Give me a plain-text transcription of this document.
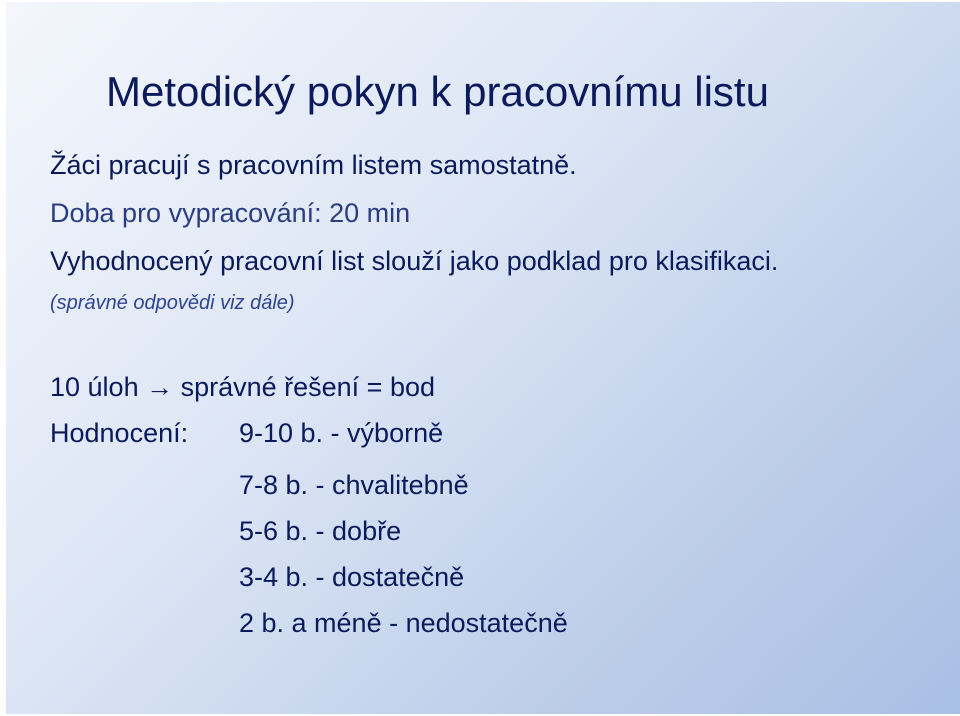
Metodický pokyn k pracovnímu listu
Žáci pracují s pracovním listem samostatně.
Doba pro vypracování: 20 min
Vyhodnocený pracovní list slouží jako podklad pro klasifikaci.
(správné odpovědi viz dále)
10 úloh → správné řešení = bod
Hodnocení: 9-10 b. - výborně
7-8 b. - chvalitebně
5-6 b. - dobře
3-4 b. - dostatečně
2 b. a méně - nedostatečně
